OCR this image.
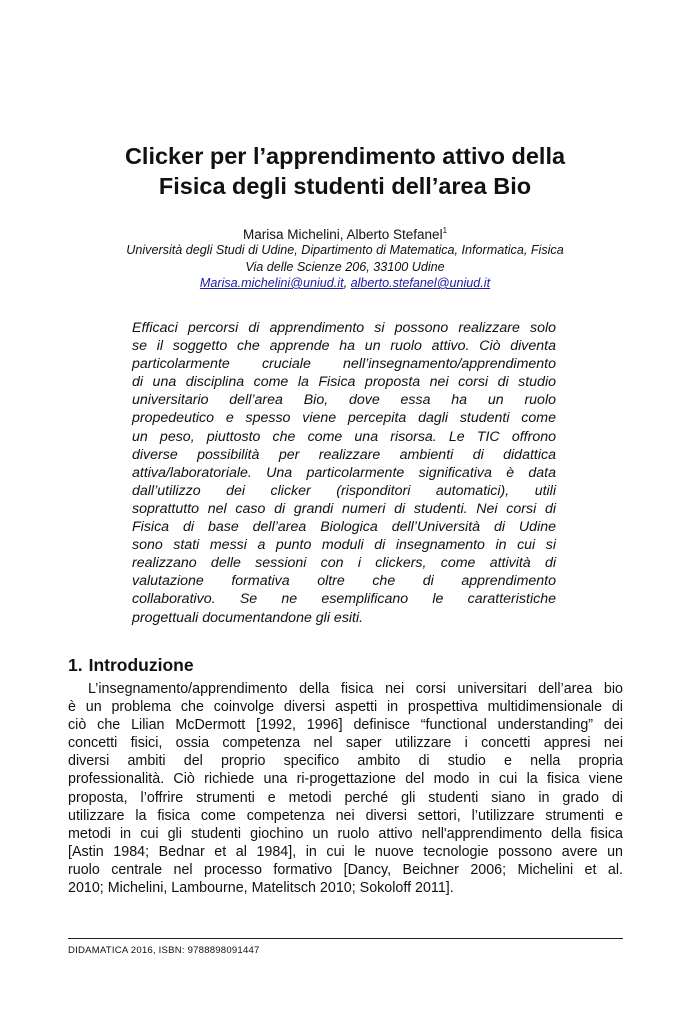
Clicker per l’apprendimento attivo della
Fisica degli studenti dell’area Bio
Marisa Michelini, Alberto Stefanel$^1$
Università degli Studi di Udine, Dipartimento di Matematica, Informatica, Fisica
Via delle Scienze 206, 33100 Udine
Marisa.michelini@uniud.it, alberto.stefanel@uniud.it
Efficaci percorsi di apprendimento si possono realizzare solo
se il soggetto che apprende ha un ruolo attivo. Ciò diventa
particolarmente cruciale nell’insegnamento/apprendimento
di una disciplina come la Fisica proposta nei corsi di studio
universitario dell’area Bio, dove essa ha un ruolo
propedeutico e spesso viene percepita dagli studenti come
un peso, piuttosto che come una risorsa. Le TIC offrono
diverse possibilità per realizzare ambienti di didattica
attiva/laboratoriale. Una particolarmente significativa è data
dall’utilizzo dei clicker (risponditori automatici), utili
soprattutto nel caso di grandi numeri di studenti. Nei corsi di
Fisica di base dell’area Biologica dell’Università di Udine
sono stati messi a punto moduli di insegnamento in cui si
realizzano delle sessioni con i clickers, come attività di
valutazione formativa oltre che di apprendimento
collaborativo. Se ne esemplificano le caratteristiche
progettuali documentandone gli esiti.
1. Introduzione
L’insegnamento/apprendimento della fisica nei corsi universitari dell’area bio
è un problema che coinvolge diversi aspetti in prospettiva multidimensionale di
ciò che Lilian McDermott [1992, 1996] definisce “functional understanding” dei
concetti fisici, ossia competenza nel saper utilizzare i concetti appresi nei
diversi ambiti del proprio specifico ambito di studio e nella propria
professionalità. Ciò richiede una ri-progettazione del modo in cui la fisica viene
proposta, l’offrire strumenti e metodi perché gli studenti siano in grado di
utilizzare la fisica come competenza nei diversi settori, l’utilizzare strumenti e
metodi in cui gli studenti giochino un ruolo attivo nell'apprendimento della fisica
[Astin 1984; Bednar et al 1984], in cui le nuove tecnologie possono avere un
ruolo centrale nel processo formativo [Dancy, Beichner 2006; Michelini et al.
2010; Michelini, Lambourne, Matelitsch 2010; Sokoloff 2011].
DIDAMATICA 2016, ISBN: 9788898091447
